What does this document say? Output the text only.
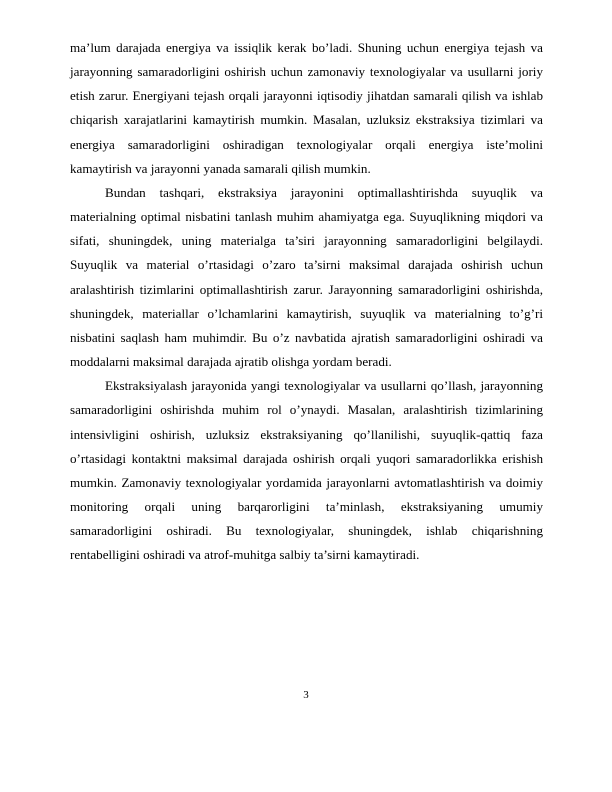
ma’lum darajada energiya va issiqlik kerak bo’ladi. Shuning uchun energiya tejash va jarayonning samaradorligini oshirish uchun zamonaviy texnologiyalar va usullarni joriy etish zarur. Energiyani tejash orqali jarayonni iqtisodiy jihatdan samarali qilish va ishlab chiqarish xarajatlarini kamaytirish mumkin. Masalan, uzluksiz ekstraksiya tizimlari va energiya samaradorligini oshiradigan texnologiyalar orqali energiya iste’molini kamaytirish va jarayonni yanada samarali qilish mumkin.

Bundan tashqari, ekstraksiya jarayonini optimallashtirishda suyuqlik va materialning optimal nisbatini tanlash muhim ahamiyatga ega. Suyuqlikning miqdori va sifati, shuningdek, uning materialga ta’siri jarayonning samaradorligini belgilaydi. Suyuqlik va material o’rtasidagi o’zaro ta’sirni maksimal darajada oshirish uchun aralashtirish tizimlarini optimallashtirish zarur. Jarayonning samaradorligini oshirishda, shuningdek, materiallar o’lchamlarini kamaytirish, suyuqlik va materialning to’g’ri nisbatini saqlash ham muhimdir. Bu o’z navbatida ajratish samaradorligini oshiradi va moddalarni maksimal darajada ajratib olishga yordam beradi.

Ekstraksiyalash jarayonida yangi texnologiyalar va usullarni qo’llash, jarayonning samaradorligini oshirishda muhim rol o’ynaydi. Masalan, aralashtirish tizimlarining intensivligini oshirish, uzluksiz ekstraksiyaning qo’llanilishi, suyuqlik-qattiq faza o’rtasidagi kontaktni maksimal darajada oshirish orqali yuqori samaradorlikka erishish mumkin. Zamonaviy texnologiyalar yordamida jarayonlarni avtomatlashtirish va doimiy monitoring orqali uning barqarorligini ta’minlash, ekstraksiyaning umumiy samaradorligini oshiradi. Bu texnologiyalar, shuningdek, ishlab chiqarishning rentabelligini oshiradi va atrof-muhitga salbiy ta’sirni kamaytiradi.

3
